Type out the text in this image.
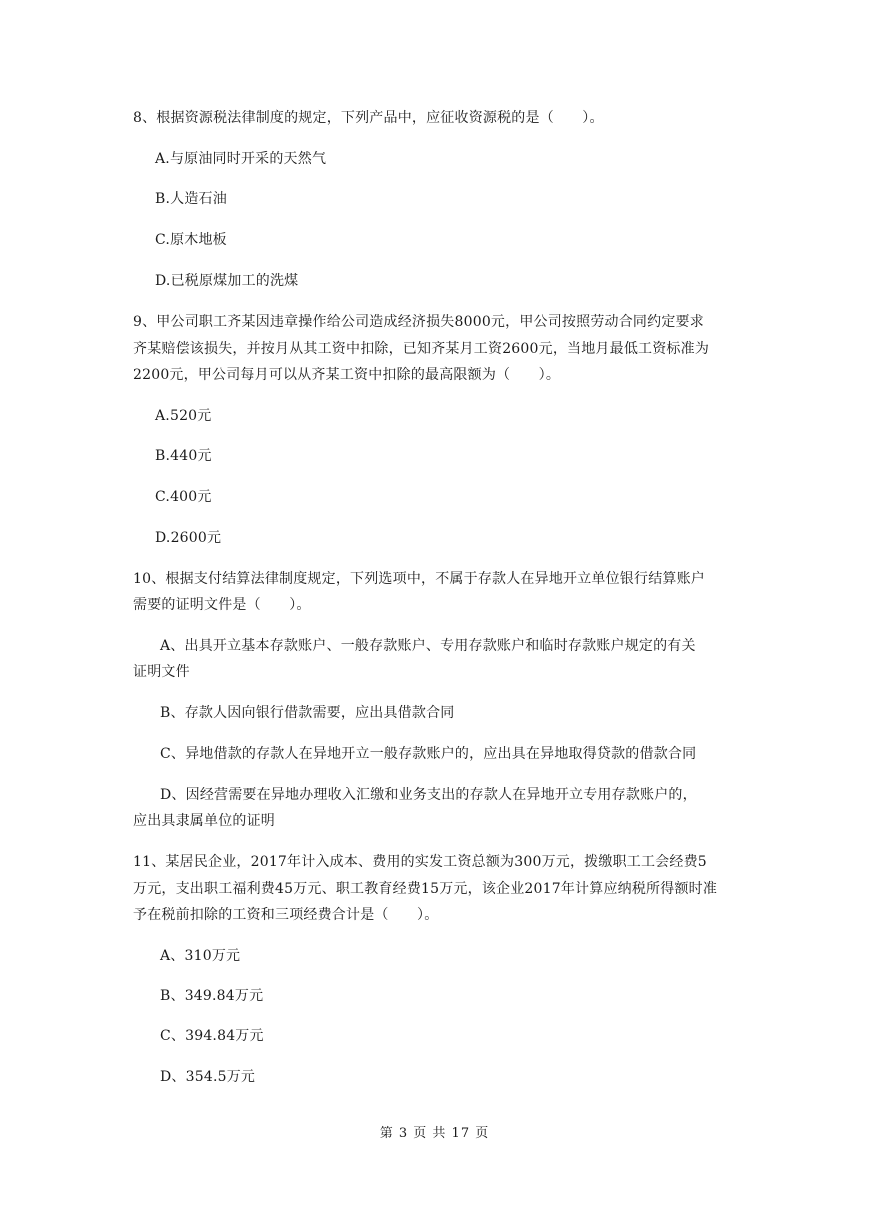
8、根据资源税法律制度的规定，下列产品中，应征收资源税的是（　　）。
A.与原油同时开采的天然气
B.人造石油
C.原木地板
D.已税原煤加工的洗煤
9、甲公司职工齐某因违章操作给公司造成经济损失8000元，甲公司按照劳动合同约定要求
齐某赔偿该损失，并按月从其工资中扣除，已知齐某月工资2600元，当地月最低工资标准为
2200元，甲公司每月可以从齐某工资中扣除的最高限额为（　　）。
A.520元
B.440元
C.400元
D.2600元
10、根据支付结算法律制度规定，下列选项中，不属于存款人在异地开立单位银行结算账户
需要的证明文件是（　　）。
A、出具开立基本存款账户、一般存款账户、专用存款账户和临时存款账户规定的有关
证明文件
B、存款人因向银行借款需要，应出具借款合同
C、异地借款的存款人在异地开立一般存款账户的，应出具在异地取得贷款的借款合同
D、因经营需要在异地办理收入汇缴和业务支出的存款人在异地开立专用存款账户的，
应出具隶属单位的证明
11、某居民企业，2017年计入成本、费用的实发工资总额为300万元，拨缴职工工会经费5
万元，支出职工福利费45万元、职工教育经费15万元，该企业2017年计算应纳税所得额时准
予在税前扣除的工资和三项经费合计是（　　）。
A、310万元
B、349.84万元
C、394.84万元
D、354.5万元
第 3 页 共 17 页
